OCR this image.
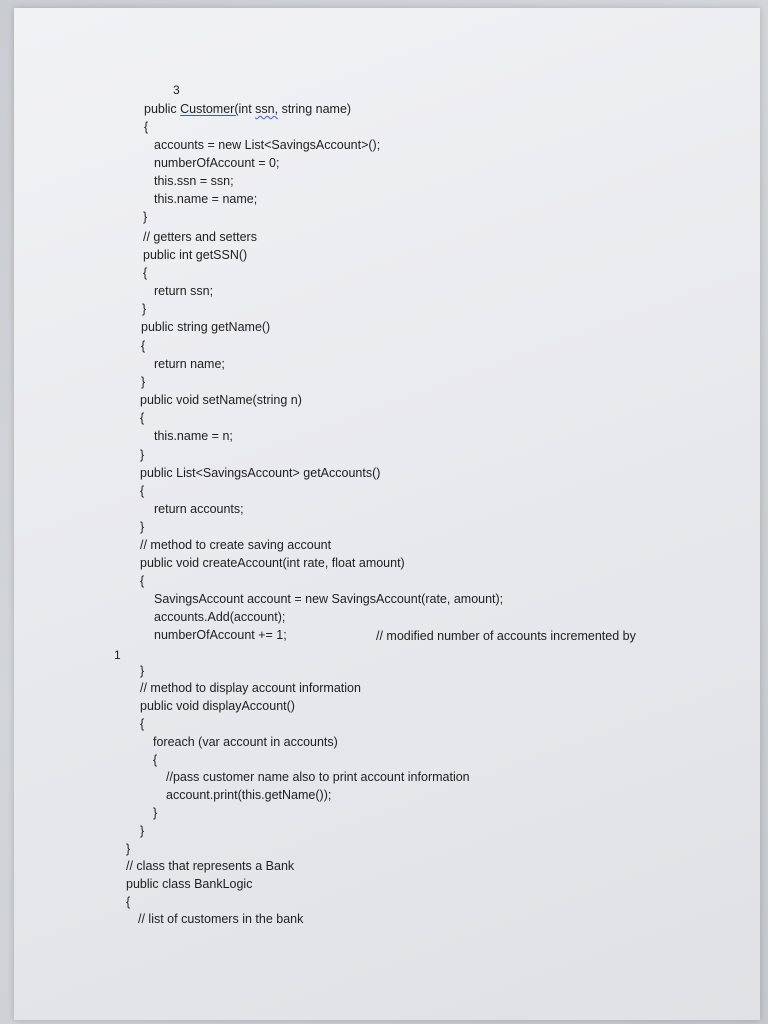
3
public Customer(int ssn, string name)
{
accounts = new List<SavingsAccount>();
numberOfAccount = 0;
this.ssn = ssn;
this.name = name;
}
// getters and setters
public int getSSN()
{
return ssn;
}
public string getName()
{
return name;
}
public void setName(string n)
{
this.name = n;
}
public List<SavingsAccount> getAccounts()
{
return accounts;
}
// method to create saving account
public void createAccount(int rate, float amount)
{
SavingsAccount account = new SavingsAccount(rate, amount);
accounts.Add(account);
numberOfAccount += 1;	// modified number of accounts incremented by
1
}
// method to display account information
public void displayAccount()
{
foreach (var account in accounts)
{
//pass customer name also to print account information
account.print(this.getName());
}
}
}
// class that represents a Bank
public class BankLogic
{
// list of customers in the bank
